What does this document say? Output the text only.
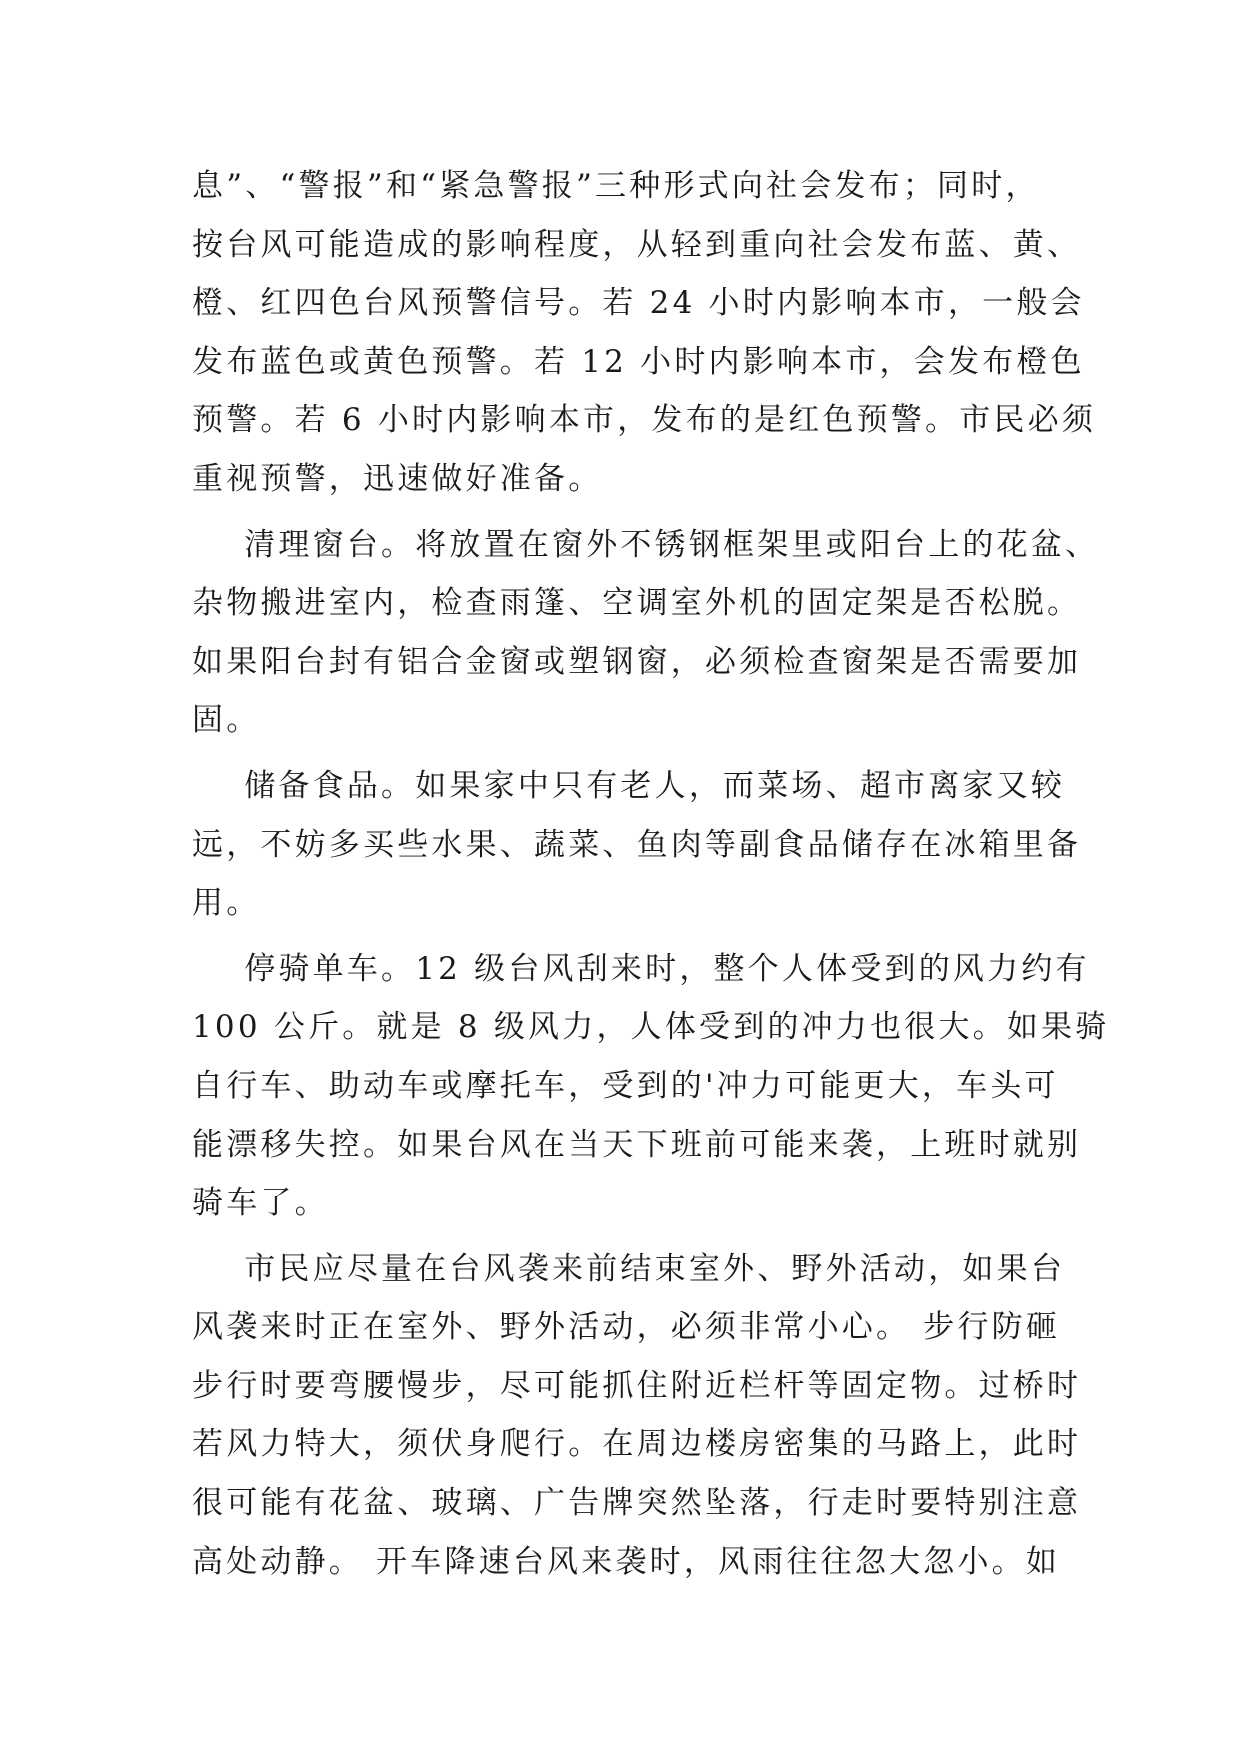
息”、“警报”和“紧急警报”三种形式向社会发布；同时，
按台风可能造成的影响程度，从轻到重向社会发布蓝、黄、
橙、红四色台风预警信号。若 24 小时内影响本市，一般会
发布蓝色或黄色预警。若 12 小时内影响本市，会发布橙色
预警。若 6 小时内影响本市，发布的是红色预警。市民必须
重视预警，迅速做好准备。
清理窗台。将放置在窗外不锈钢框架里或阳台上的花盆、
杂物搬进室内，检查雨篷、空调室外机的固定架是否松脱。
如果阳台封有铝合金窗或塑钢窗，必须检查窗架是否需要加
固。
储备食品。如果家中只有老人，而菜场、超市离家又较
远，不妨多买些水果、蔬菜、鱼肉等副食品储存在冰箱里备
用。
停骑单车。12 级台风刮来时，整个人体受到的风力约有
100 公斤。就是 8 级风力，人体受到的冲力也很大。如果骑
自行车、助动车或摩托车，受到的'冲力可能更大，车头可
能漂移失控。如果台风在当天下班前可能来袭，上班时就别
骑车了。
市民应尽量在台风袭来前结束室外、野外活动，如果台
风袭来时正在室外、野外活动，必须非常小心。 步行防砸
步行时要弯腰慢步，尽可能抓住附近栏杆等固定物。过桥时
若风力特大，须伏身爬行。在周边楼房密集的马路上，此时
很可能有花盆、玻璃、广告牌突然坠落，行走时要特别注意
高处动静。 开车降速台风来袭时，风雨往往忽大忽小。如
